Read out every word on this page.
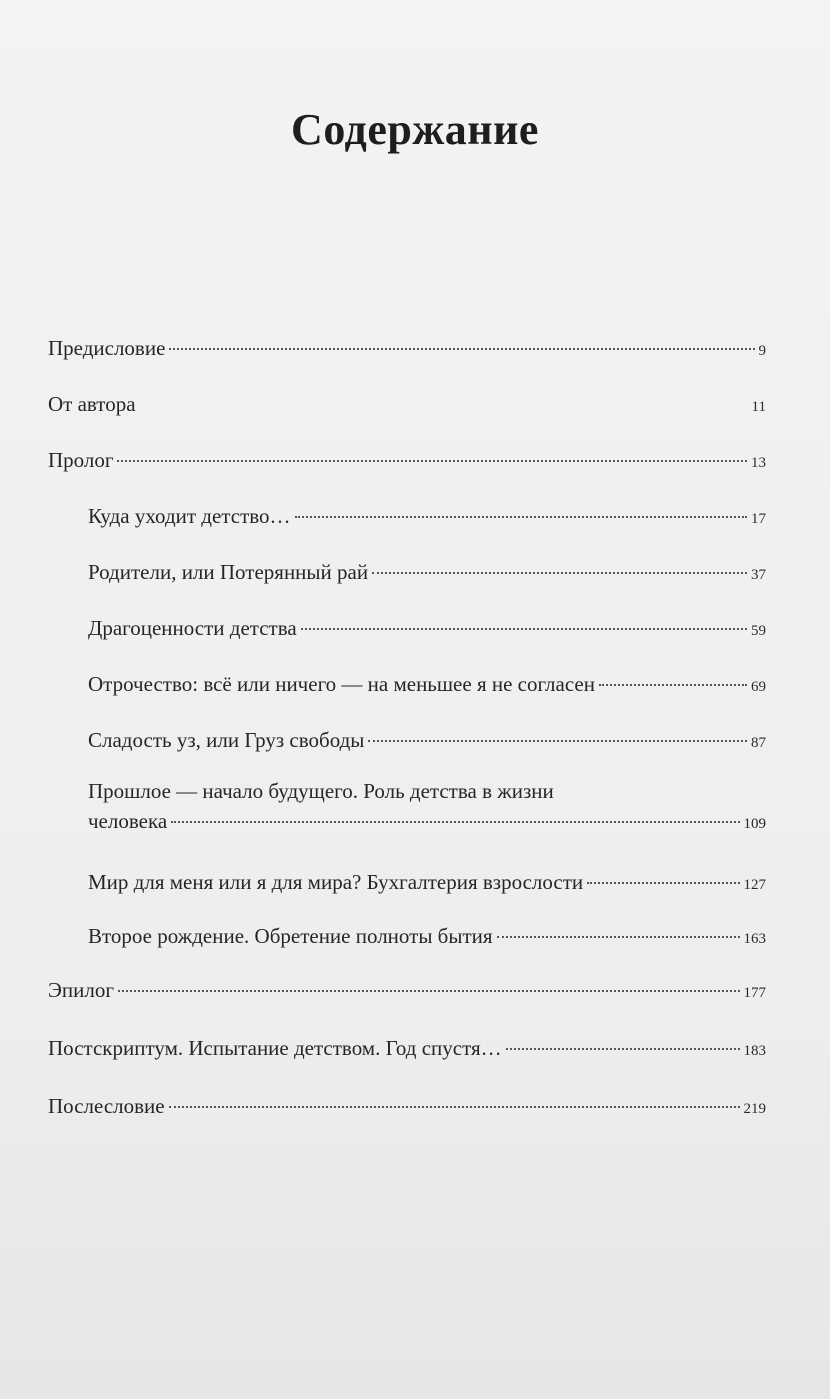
Содержание
Предисловие	9
От автора	11
Пролог	13
Куда уходит детство…	17
Родители, или Потерянный рай	37
Драгоценности детства	59
Отрочество: всё или ничего — на меньшее я не согласен	69
Сладость уз, или Груз свободы	87
Прошлое — начало будущего. Роль детства в жизни
человека	109
Мир для меня или я для мира? Бухгалтерия взрослости	127
Второе рождение. Обретение полноты бытия	163
Эпилог	177
Постскриптум. Испытание детством. Год спустя…	183
Послесловие	219
